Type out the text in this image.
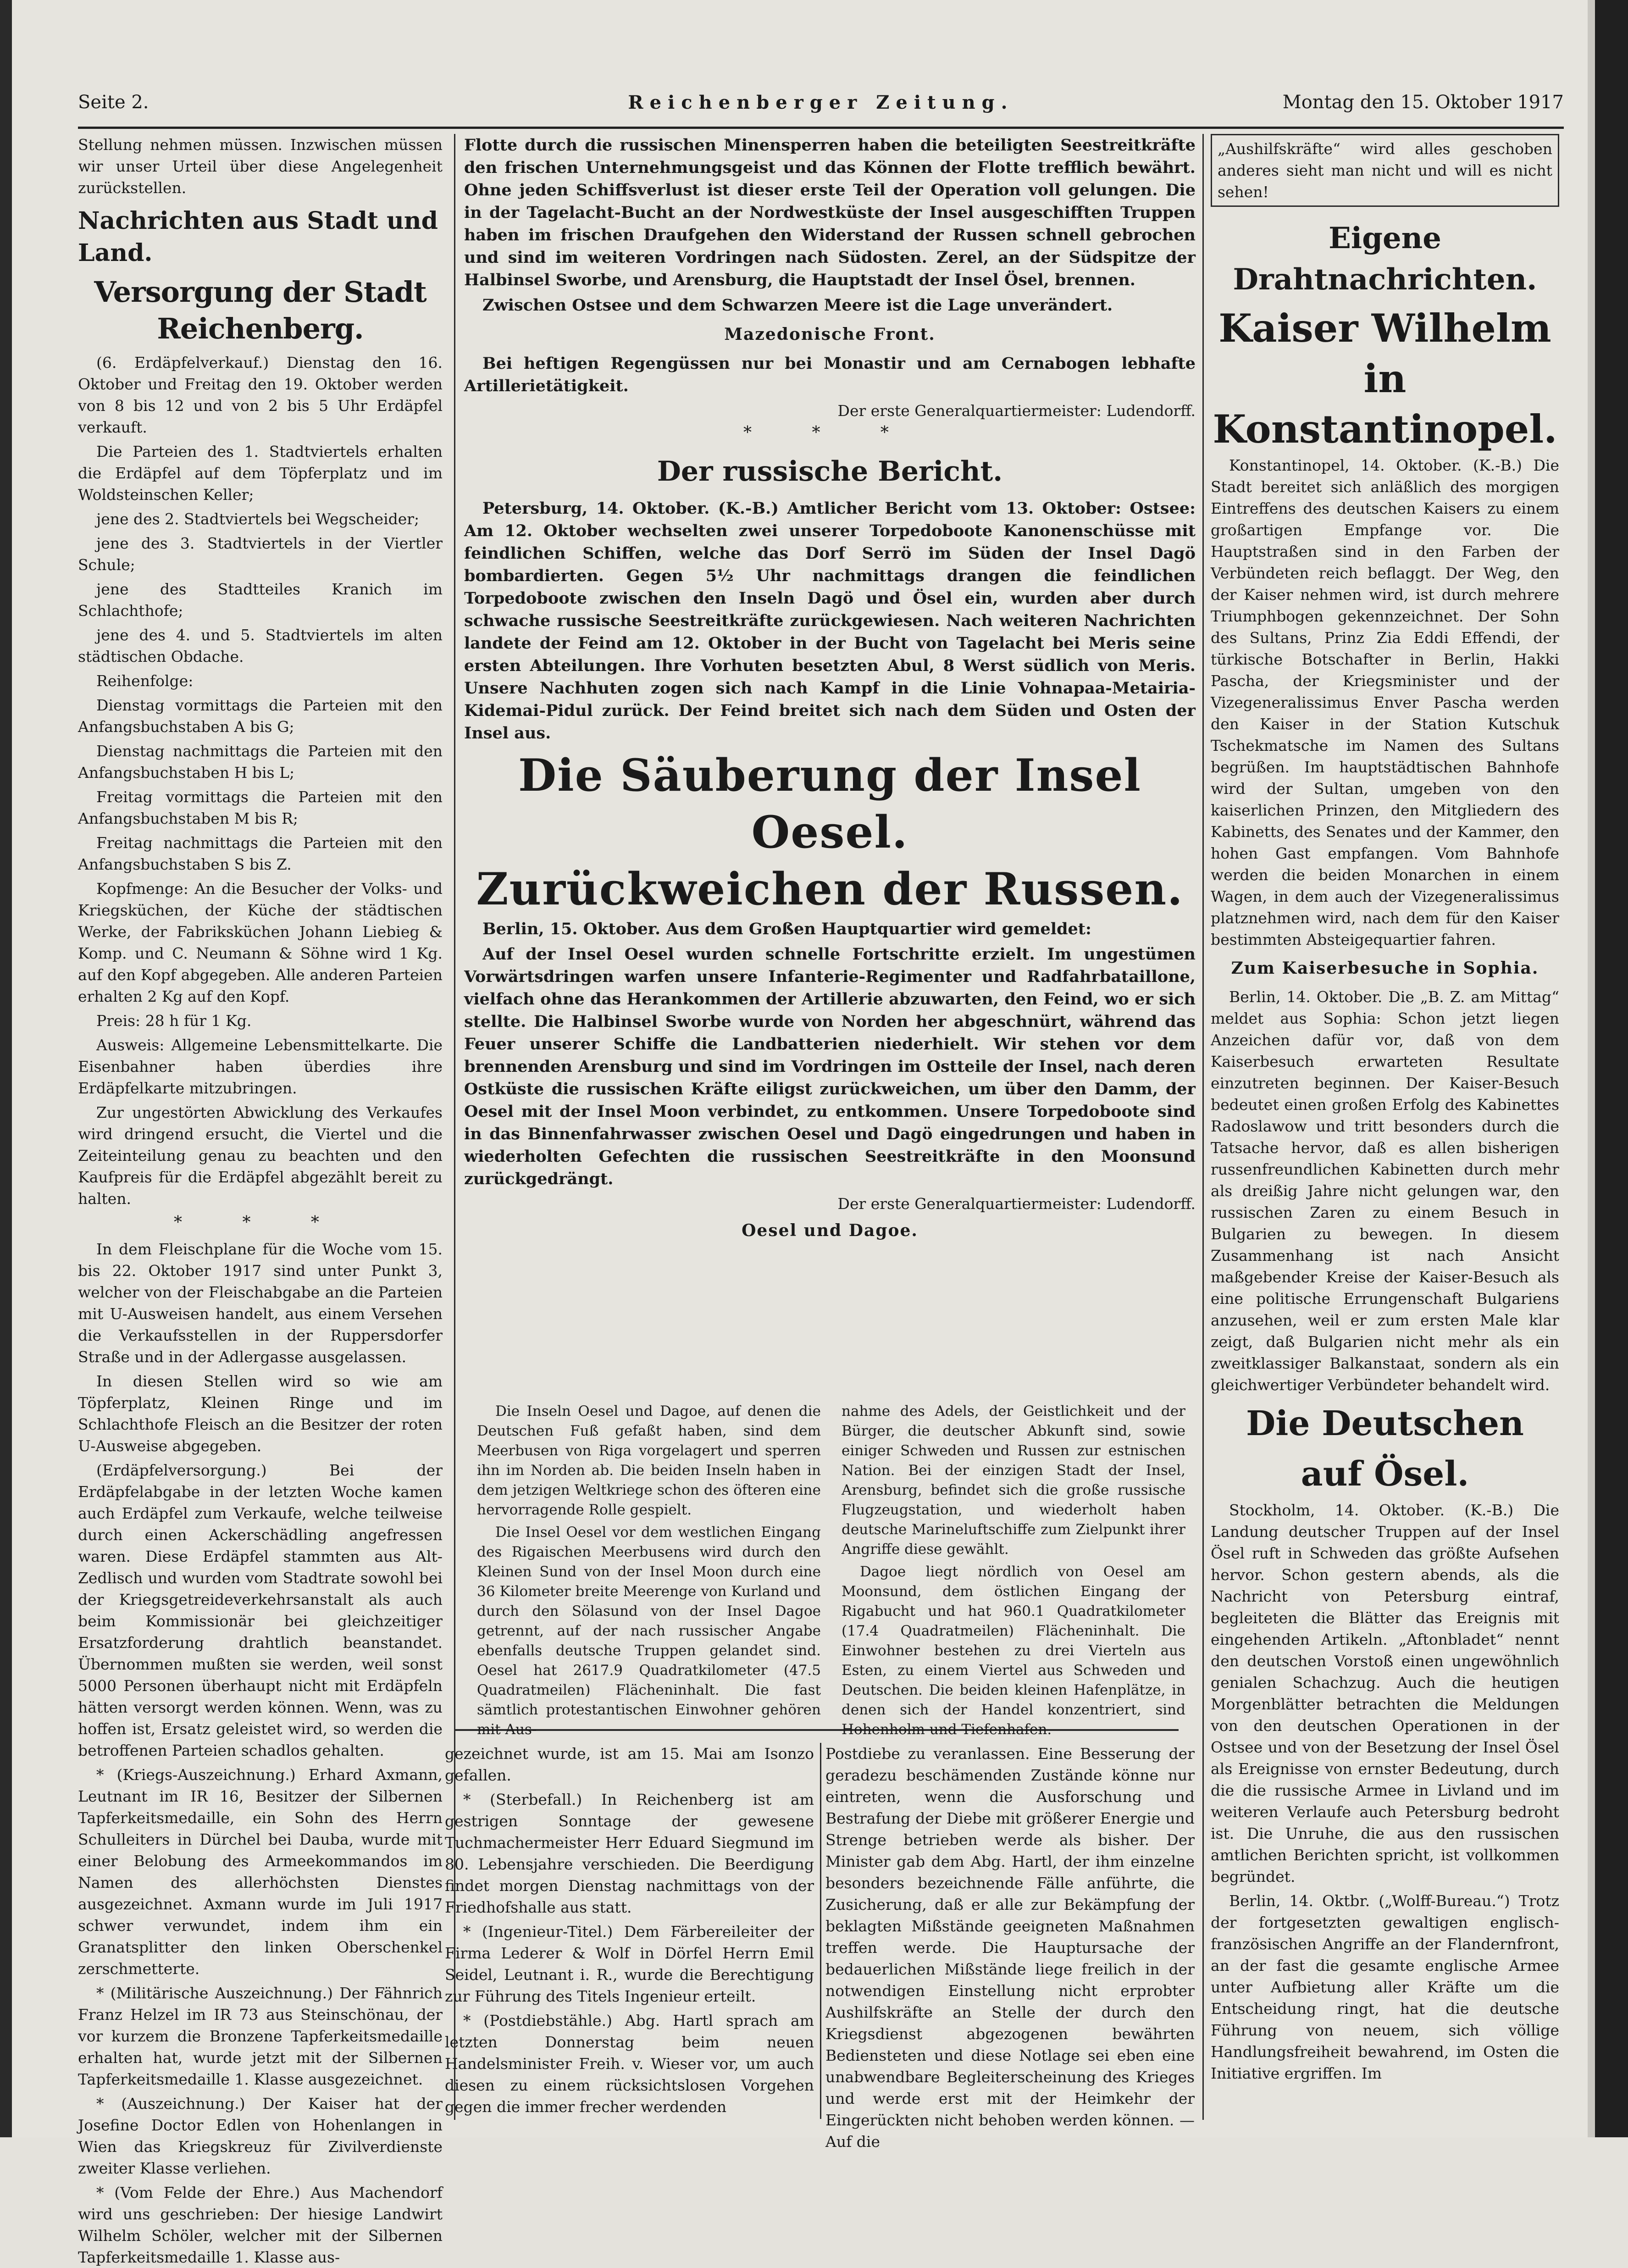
Seite 2.	Reichenberger Zeitung.	Montag den 15. Oktober 1917

Stellung nehmen müssen. Inzwischen müssen wir unser Urteil über diese Angelegenheit zurückstellen.

Nachrichten aus Stadt und Land.
Versorgung der Stadt Reichenberg.

(6. Erdäpfelverkauf.) Dienstag den 16. Oktober und Freitag den 19. Oktober werden von 8 bis 12 und von 2 bis 5 Uhr Erdäpfel verkauft.

Die Parteien des 1. Stadtviertels erhalten die Erdäpfel auf dem Töpferplatz und im Woldsteinschen Keller;

jene des 2. Stadtviertels bei Wegscheider;

jene des 3. Stadtviertels in der Viertler Schule;

jene des Stadtteiles Kranich im Schlachthofe;

jene des 4. und 5. Stadtviertels im alten städtischen Obdache.

Reihenfolge:

Dienstag vormittags die Parteien mit den Anfangsbuchstaben A bis G;

Dienstag nachmittags die Parteien mit den Anfangsbuchstaben H bis L;

Freitag vormittags die Parteien mit den Anfangsbuchstaben M bis R;

Freitag nachmittags die Parteien mit den Anfangsbuchstaben S bis Z.

Kopfmenge: An die Besucher der Volks- und Kriegsküchen, der Küche der städtischen Werke, der Fabriksküchen Johann Liebieg & Komp. und C. Neumann & Söhne wird 1 Kg. auf den Kopf abgegeben. Alle anderen Parteien erhalten 2 Kg auf den Kopf.

Preis: 28 h für 1 Kg.

Ausweis: Allgemeine Lebensmittelkarte. Die Eisenbahner haben überdies ihre Erdäpfelkarte mitzubringen.

Zur ungestörten Abwicklung des Verkaufes wird dringend ersucht, die Viertel und die Zeiteinteilung genau zu beachten und den Kaufpreis für die Erdäpfel abgezählt bereit zu halten.

* * *

In dem Fleischplane für die Woche vom 15. bis 22. Oktober 1917 sind unter Punkt 3, welcher von der Fleischabgabe an die Parteien mit U-Ausweisen handelt, aus einem Versehen die Verkaufsstellen in der Ruppersdorfer Straße und in der Adlergasse ausgelassen.

In diesen Stellen wird so wie am Töpferplatz, Kleinen Ringe und im Schlachthofe Fleisch an die Besitzer der roten U-Ausweise abgegeben.

(Erdäpfelversorgung.) Bei der Erdäpfelabgabe in der letzten Woche kamen auch Erdäpfel zum Verkaufe, welche teilweise durch einen Ackerschädling angefressen waren. Diese Erdäpfel stammten aus Alt-Zedlisch und wurden vom Stadtrate sowohl bei der Kriegsgetreideverkehrsanstalt als auch beim Kommissionär bei gleichzeitiger Ersatzforderung drahtlich beanstandet. Übernommen mußten sie werden, weil sonst 5000 Personen überhaupt nicht mit Erdäpfeln hätten versorgt werden können. Wenn, was zu hoffen ist, Ersatz geleistet wird, so werden die betroffenen Parteien schadlos gehalten.

* (Kriegs-Auszeichnung.) Erhard Axmann, Leutnant im IR 16, Besitzer der Silbernen Tapferkeitsmedaille, ein Sohn des Herrn Schulleiters in Dürchel bei Dauba, wurde mit einer Belobung des Armeekommandos im Namen des allerhöchsten Dienstes ausgezeichnet. Axmann wurde im Juli 1917 schwer verwundet, indem ihm ein Granatsplitter den linken Oberschenkel zerschmetterte.

* (Militärische Auszeichnung.) Der Fähnrich Franz Helzel im IR 73 aus Steinschönau, der vor kurzem die Bronzene Tapferkeitsmedaille erhalten hat, wurde jetzt mit der Silbernen Tapferkeitsmedaille 1. Klasse ausgezeichnet.

* (Auszeichnung.) Der Kaiser hat der Josefine Doctor Edlen von Hohenlangen in Wien das Kriegskreuz für Zivilverdienste zweiter Klasse verliehen.

* (Vom Felde der Ehre.) Aus Machendorf wird uns geschrieben: Der hiesige Landwirt Wilhelm Schöler, welcher mit der Silbernen Tapferkeitsmedaille 1. Klasse aus-

Flotte durch die russischen Minensperren haben die beteiligten Seestreitkräfte den frischen Unternehmungsgeist und das Können der Flotte trefflich bewährt. Ohne jeden Schiffsverlust ist dieser erste Teil der Operation voll gelungen. Die in der Tagelacht-Bucht an der Nordwestküste der Insel ausgeschifften Truppen haben im frischen Draufgehen den Widerstand der Russen schnell gebrochen und sind im weiteren Vordringen nach Südosten. Zerel, an der Südspitze der Halbinsel Sworbe, und Arensburg, die Hauptstadt der Insel Ösel, brennen.

Zwischen Ostsee und dem Schwarzen Meere ist die Lage unverändert.

Mazedonische Front.

Bei heftigen Regengüssen nur bei Monastir und am Cernabogen lebhafte Artillerietätigkeit.

Der erste Generalquartiermeister: Ludendorff.
* * *
Der russische Bericht.

Petersburg, 14. Oktober. (K.-B.) Amtlicher Bericht vom 13. Oktober: Ostsee: Am 12. Oktober wechselten zwei unserer Torpedoboote Kanonenschüsse mit feindlichen Schiffen, welche das Dorf Serrö im Süden der Insel Dagö bombardierten. Gegen 5½ Uhr nachmittags drangen die feindlichen Torpedoboote zwischen den Inseln Dagö und Ösel ein, wurden aber durch schwache russische Seestreitkräfte zurückgewiesen. Nach weiteren Nachrichten landete der Feind am 12. Oktober in der Bucht von Tagelacht bei Meris seine ersten Abteilungen. Ihre Vorhuten besetzten Abul, 8 Werst südlich von Meris. Unsere Nachhuten zogen sich nach Kampf in die Linie Vohnapaa-Metairia-Kidemai-Pidul zurück. Der Feind breitet sich nach dem Süden und Osten der Insel aus.

Die Säuberung der Insel Oesel.
Zurückweichen der Russen.

Berlin, 15. Oktober. Aus dem Großen Hauptquartier wird gemeldet:

Auf der Insel Oesel wurden schnelle Fortschritte erzielt. Im ungestümen Vorwärtsdringen warfen unsere Infanterie-Regimenter und Radfahrbataillone, vielfach ohne das Herankommen der Artillerie abzuwarten, den Feind, wo er sich stellte. Die Halbinsel Sworbe wurde von Norden her abgeschnürt, während das Feuer unserer Schiffe die Landbatterien niederhielt. Wir stehen vor dem brennenden Arensburg und sind im Vordringen im Ostteile der Insel, nach deren Ostküste die russischen Kräfte eiligst zurückweichen, um über den Damm, der Oesel mit der Insel Moon verbindet, zu entkommen. Unsere Torpedoboote sind in das Binnenfahrwasser zwischen Oesel und Dagö eingedrungen und haben in wiederholten Gefechten die russischen Seestreitkräfte in den Moonsund zurückgedrängt.

Der erste Generalquartiermeister: Ludendorff.
Oesel und Dagoe.

Die Inseln Oesel und Dagoe, auf denen die Deutschen Fuß gefaßt haben, sind dem Meerbusen von Riga vorgelagert und sperren ihn im Norden ab. Die beiden Inseln haben in dem jetzigen Weltkriege schon des öfteren eine hervorragende Rolle gespielt.

Die Insel Oesel vor dem westlichen Eingang des Rigaischen Meerbusens wird durch den Kleinen Sund von der Insel Moon durch eine 36 Kilometer breite Meerenge von Kurland und durch den Sölasund von der Insel Dagoe getrennt, auf der nach russischer Angabe ebenfalls deutsche Truppen gelandet sind. Oesel hat 2617.9 Quadratkilometer (47.5 Quadratmeilen) Flächeninhalt. Die fast sämtlich protestantischen Einwohner gehören mit Aus-

nahme des Adels, der Geistlichkeit und der Bürger, die deutscher Abkunft sind, sowie einiger Schweden und Russen zur estnischen Nation. Bei der einzigen Stadt der Insel, Arensburg, befindet sich die große russische Flugzeugstation, und wiederholt haben deutsche Marineluftschiffe zum Zielpunkt ihrer Angriffe diese gewählt.

Dagoe liegt nördlich von Oesel am Moonsund, dem östlichen Eingang der Rigabucht und hat 960.1 Quadratkilometer (17.4 Quadratmeilen) Flächeninhalt. Die Einwohner bestehen zu drei Vierteln aus Esten, zu einem Viertel aus Schweden und Deutschen. Die beiden kleinen Hafenplätze, in denen sich der Handel konzentriert, sind Hohenholm und Tiefenhafen.

gezeichnet wurde, ist am 15. Mai am Isonzo gefallen.

* (Sterbefall.) In Reichenberg ist am gestrigen Sonntage der gewesene Tuchmachermeister Herr Eduard Siegmund im 80. Lebensjahre verschieden. Die Beerdigung findet morgen Dienstag nachmittags von der Friedhofshalle aus statt.

* (Ingenieur-Titel.) Dem Färbereileiter der Firma Lederer & Wolf in Dörfel Herrn Emil Seidel, Leutnant i. R., wurde die Berechtigung zur Führung des Titels Ingenieur erteilt.

* (Postdiebstähle.) Abg. Hartl sprach am letzten Donnerstag beim neuen Handelsminister Freih. v. Wieser vor, um auch diesen zu einem rücksichtslosen Vorgehen gegen die immer frecher werdenden

Postdiebe zu veranlassen. Eine Besserung der geradezu beschämenden Zustände könne nur eintreten, wenn die Ausforschung und Bestrafung der Diebe mit größerer Energie und Strenge betrieben werde als bisher. Der Minister gab dem Abg. Hartl, der ihm einzelne besonders bezeichnende Fälle anführte, die Zusicherung, daß er alle zur Bekämpfung der beklagten Mißstände geeigneten Maßnahmen treffen werde. Die Hauptursache der bedauerlichen Mißstände liege freilich in der notwendigen Einstellung nicht erprobter Aushilfskräfte an Stelle der durch den Kriegsdienst abgezogenen bewährten Bediensteten und diese Notlage sei eben eine unabwendbare Begleiterscheinung des Krieges und werde erst mit der Heimkehr der Eingerückten nicht behoben werden können. — Auf die

„Aushilfskräfte“ wird alles geschoben anderes sieht man nicht und will es nicht sehen!

Eigene Drahtnachrichten.
Kaiser Wilhelm
in Konstantinopel.

Konstantinopel, 14. Oktober. (K.-B.) Die Stadt bereitet sich anläßlich des morgigen Eintreffens des deutschen Kaisers zu einem großartigen Empfange vor. Die Hauptstraßen sind in den Farben der Verbündeten reich beflaggt. Der Weg, den der Kaiser nehmen wird, ist durch mehrere Triumphbogen gekennzeichnet. Der Sohn des Sultans, Prinz Zia Eddi Effendi, der türkische Botschafter in Berlin, Hakki Pascha, der Kriegsminister und der Vizegeneralissimus Enver Pascha werden den Kaiser in der Station Kutschuk Tschekmatsche im Namen des Sultans begrüßen. Im hauptstädtischen Bahnhofe wird der Sultan, umgeben von den kaiserlichen Prinzen, den Mitgliedern des Kabinetts, des Senates und der Kammer, den hohen Gast empfangen. Vom Bahnhofe werden die beiden Monarchen in einem Wagen, in dem auch der Vizegeneralissimus platznehmen wird, nach dem für den Kaiser bestimmten Absteigequartier fahren.

Zum Kaiserbesuche in Sophia.

Berlin, 14. Oktober. Die „B. Z. am Mittag“ meldet aus Sophia: Schon jetzt liegen Anzeichen dafür vor, daß von dem Kaiserbesuch erwarteten Resultate einzutreten beginnen. Der Kaiser-Besuch bedeutet einen großen Erfolg des Kabinettes Radoslawow und tritt besonders durch die Tatsache hervor, daß es allen bisherigen russenfreundlichen Kabinetten durch mehr als dreißig Jahre nicht gelungen war, den russischen Zaren zu einem Besuch in Bulgarien zu bewegen. In diesem Zusammenhang ist nach Ansicht maßgebender Kreise der Kaiser-Besuch als eine politische Errungenschaft Bulgariens anzusehen, weil er zum ersten Male klar zeigt, daß Bulgarien nicht mehr als ein zweitklassiger Balkanstaat, sondern als ein gleichwertiger Verbündeter behandelt wird.

Die Deutschen auf Ösel.

Stockholm, 14. Oktober. (K.-B.) Die Landung deutscher Truppen auf der Insel Ösel ruft in Schweden das größte Aufsehen hervor. Schon gestern abends, als die Nachricht von Petersburg eintraf, begleiteten die Blätter das Ereignis mit eingehenden Artikeln. „Aftonbladet“ nennt den deutschen Vorstoß einen ungewöhnlich genialen Schachzug. Auch die heutigen Morgenblätter betrachten die Meldungen von den deutschen Operationen in der Ostsee und von der Besetzung der Insel Ösel als Ereignisse von ernster Bedeutung, durch die die russische Armee in Livland und im weiteren Verlaufe auch Petersburg bedroht ist. Die Unruhe, die aus den russischen amtlichen Berichten spricht, ist vollkommen begründet.

Berlin, 14. Oktbr. („Wolff-Bureau.“) Trotz der fortgesetzten gewaltigen englisch-französischen Angriffe an der Flandernfront, an der fast die gesamte englische Armee unter Aufbietung aller Kräfte um die Entscheidung ringt, hat die deutsche Führung von neuem, sich völlige Handlungsfreiheit bewahrend, im Osten die Initiative ergriffen. Im
